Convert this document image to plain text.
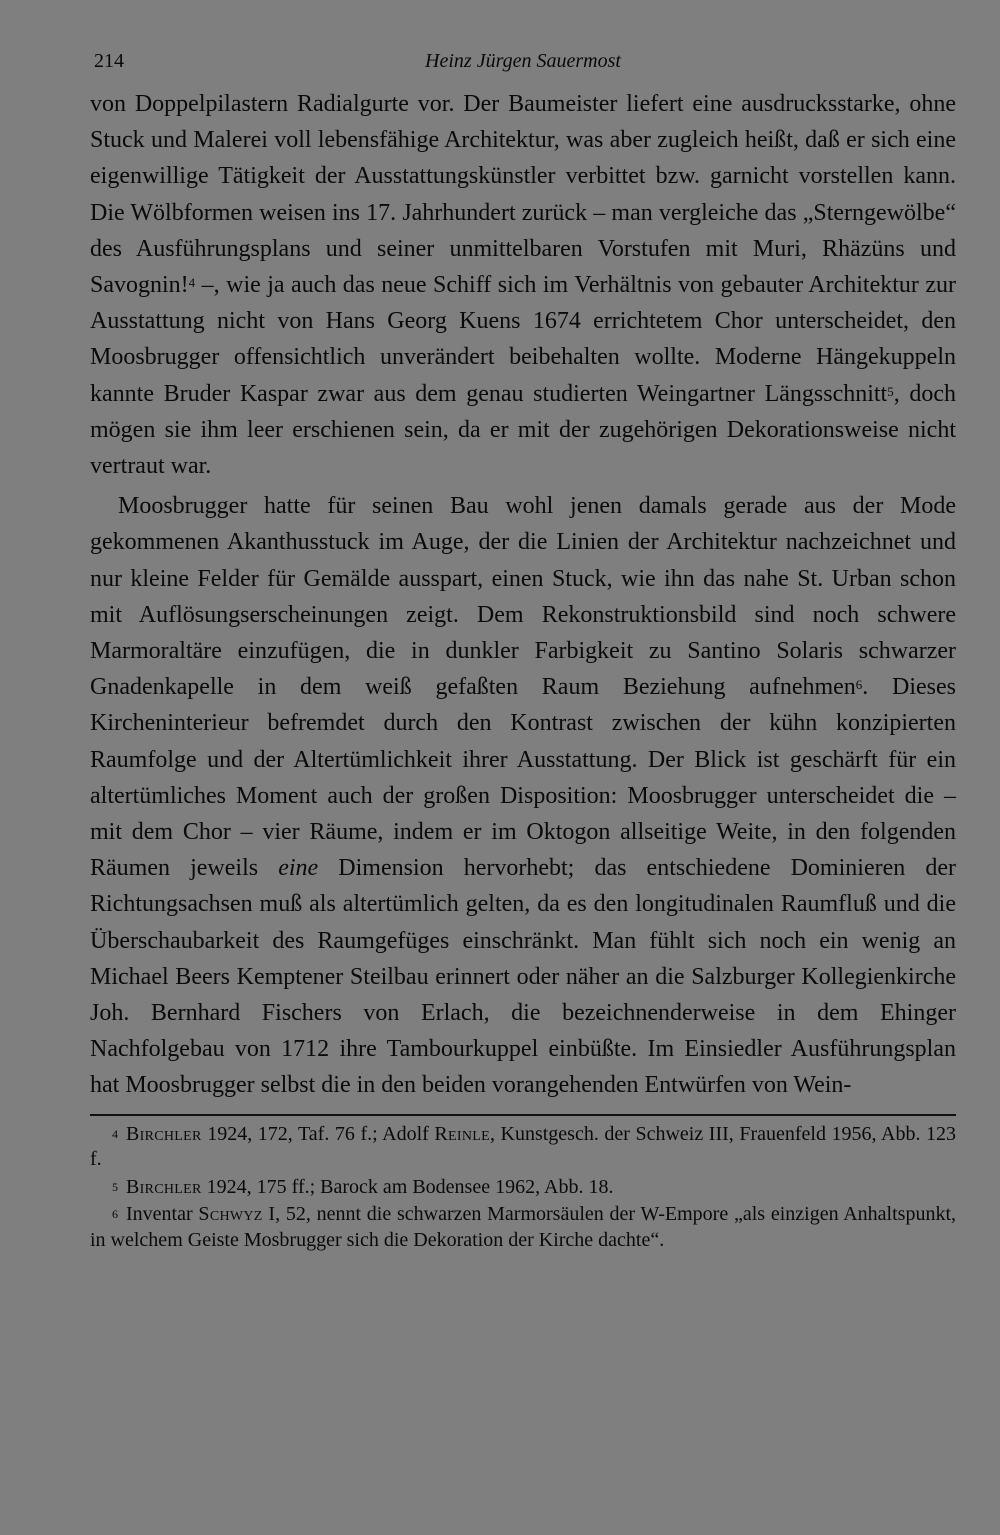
214	Heinz Jürgen Sauermost

von Doppelpilastern Radialgurte vor. Der Baumeister liefert eine ausdrucksstarke, ohne Stuck und Malerei voll lebensfähige Architektur, was aber zugleich heißt, daß er sich eine eigenwillige Tätigkeit der Ausstattungskünstler verbittet bzw. garnicht vorstellen kann. Die Wölbformen weisen ins 17. Jahrhundert zurück – man vergleiche das „Sterngewölbe“ des Ausführungsplans und seiner unmittelbaren Vorstufen mit Muri, Rhäzüns und Savognin!$^4$ –, wie ja auch das neue Schiff sich im Verhältnis von gebauter Architektur zur Ausstattung nicht von Hans Georg Kuens 1674 errichtetem Chor unterscheidet, den Moosbrugger offensichtlich unverändert beibehalten wollte. Moderne Hängekuppeln kannte Bruder Kaspar zwar aus dem genau studierten Weingartner Längsschnitt$^5$, doch mögen sie ihm leer erschienen sein, da er mit der zugehörigen Dekorationsweise nicht vertraut war.

Moosbrugger hatte für seinen Bau wohl jenen damals gerade aus der Mode gekommenen Akanthusstuck im Auge, der die Linien der Architektur nachzeichnet und nur kleine Felder für Gemälde ausspart, einen Stuck, wie ihn das nahe St. Urban schon mit Auflösungserscheinungen zeigt. Dem Rekonstruktionsbild sind noch schwere Marmoraltäre einzufügen, die in dunkler Farbigkeit zu Santino Solaris schwarzer Gnadenkapelle in dem weiß gefaßten Raum Beziehung aufnehmen$^6$. Dieses Kircheninterieur befremdet durch den Kontrast zwischen der kühn konzipierten Raumfolge und der Altertümlichkeit ihrer Ausstattung. Der Blick ist geschärft für ein altertümliches Moment auch der großen Disposition: Moosbrugger unterscheidet die – mit dem Chor – vier Räume, indem er im Oktogon allseitige Weite, in den folgenden Räumen jeweils eine Dimension hervorhebt; das entschiedene Dominieren der Richtungsachsen muß als altertümlich gelten, da es den longitudinalen Raumfluß und die Überschaubarkeit des Raumgefüges einschränkt. Man fühlt sich noch ein wenig an Michael Beers Kemptener Steilbau erinnert oder näher an die Salzburger Kollegienkirche Joh. Bernhard Fischers von Erlach, die bezeichnenderweise in dem Ehinger Nachfolgebau von 1712 ihre Tambourkuppel einbüßte. Im Einsiedler Ausführungsplan hat Moosbrugger selbst die in den beiden vorangehenden Entwürfen von Wein-

4 Birchler 1924, 172, Taf. 76 f.; Adolf Reinle, Kunstgesch. der Schweiz III, Frauenfeld 1956, Abb. 123 f.

5 Birchler 1924, 175 ff.; Barock am Bodensee 1962, Abb. 18.

6 Inventar Schwyz I, 52, nennt die schwarzen Marmorsäulen der W-Empore „als einzigen Anhaltspunkt, in welchem Geiste Mosbrugger sich die Dekoration der Kirche dachte“.
